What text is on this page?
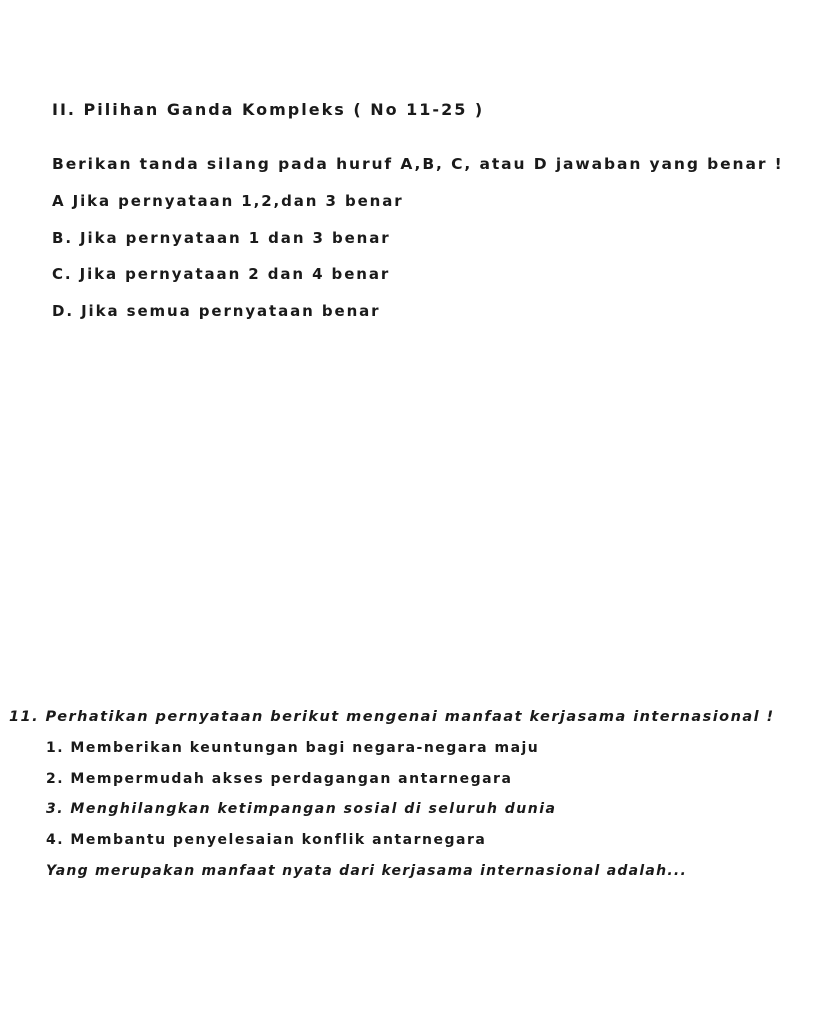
II. Pilihan Ganda Kompleks ( No 11-25 )
Berikan tanda silang pada huruf A,B, C, atau D jawaban yang benar !
A Jika pernyataan 1,2,dan 3 benar
B. Jika pernyataan 1 dan 3 benar
C. Jika pernyataan 2 dan 4 benar
D. Jika semua pernyataan benar
11. Perhatikan pernyataan berikut mengenai manfaat kerjasama internasional !
1. Memberikan keuntungan bagi negara-negara maju
2. Mempermudah akses perdagangan antarnegara
3. Menghilangkan ketimpangan sosial di seluruh dunia
4. Membantu penyelesaian konflik antarnegara
Yang merupakan manfaat nyata dari kerjasama internasional adalah...
